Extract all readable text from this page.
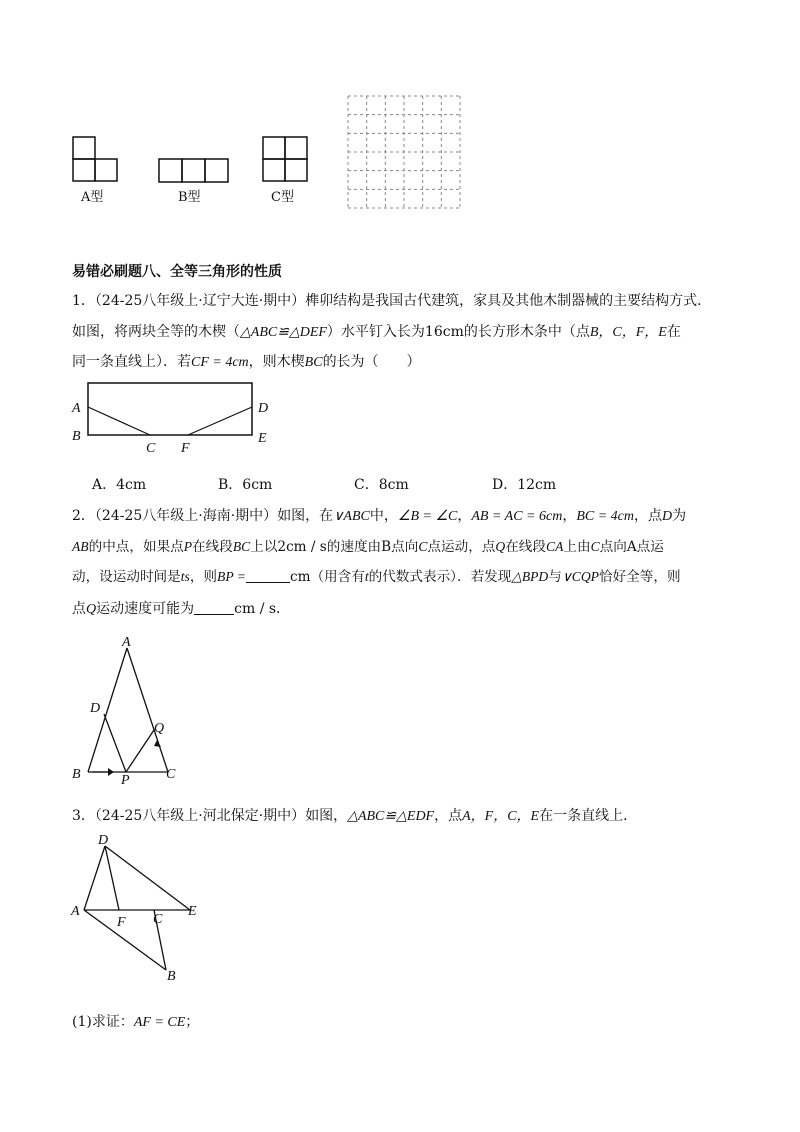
A型	B型	C型
易错必刷题八、全等三角形的性质
1．（24-25八年级上·辽宁大连·期中）榫卯结构是我国古代建筑，家具及其他木制器械的主要结构方式．
如图，将两块全等的木楔（△ABC≌△DEF）水平钉入长为16cm的长方形木条中（点B，C，F，E在
同一条直线上）．若CF = 4cm，则木楔BC的长为（　　）
A
B
C F
D
E
A．4cm	B．6cm	C．8cm	D．12cm
2．（24-25八年级上·海南·期中）如图，在∨ABC中，∠B = ∠C，AB = AC = 6cm，BC = 4cm，点D为
AB的中点，如果点P在线段BC上以2cm / s的速度由B点向C点运动，点Q在线段CA上由C点向A点运
动，设运动时间是ts，则BP =	cm（用含有t的代数式表示）．若发现△BPD与∨CQP恰好全等，则
点Q运动速度可能为	cm / s．
A
D
Q
B	P	C
3．（24-25八年级上·河北保定·期中）如图，△ABC≌△EDF，点A，F，C，E在一条直线上．
D
A
F C
E
B
(1)求证：AF = CE；
